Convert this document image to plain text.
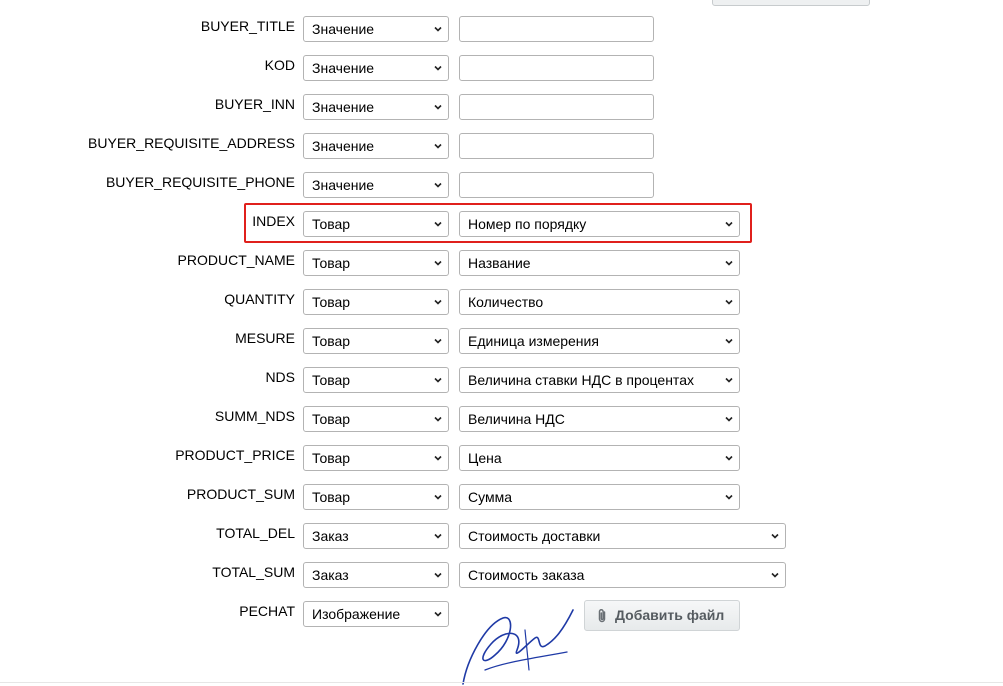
BUYER_TITLE	Значение
KOD	Значение
BUYER_INN	Значение
BUYER_REQUISITE_ADDRESS	Значение
BUYER_REQUISITE_PHONE	Значение
INDEX	Товар	Номер по порядку
PRODUCT_NAME	Товар	Название
QUANTITY	Товар	Количество
MESURE	Товар	Единица измерения
NDS	Товар	Величина ставки НДС в процентах
SUMM_NDS	Товар	Величина НДС
PRODUCT_PRICE	Товар	Цена
PRODUCT_SUM	Товар	Сумма
TOTAL_DEL	Заказ	Стоимость доставки
TOTAL_SUM	Заказ	Стоимость заказа
PECHAT	Изображение	Добавить файл
